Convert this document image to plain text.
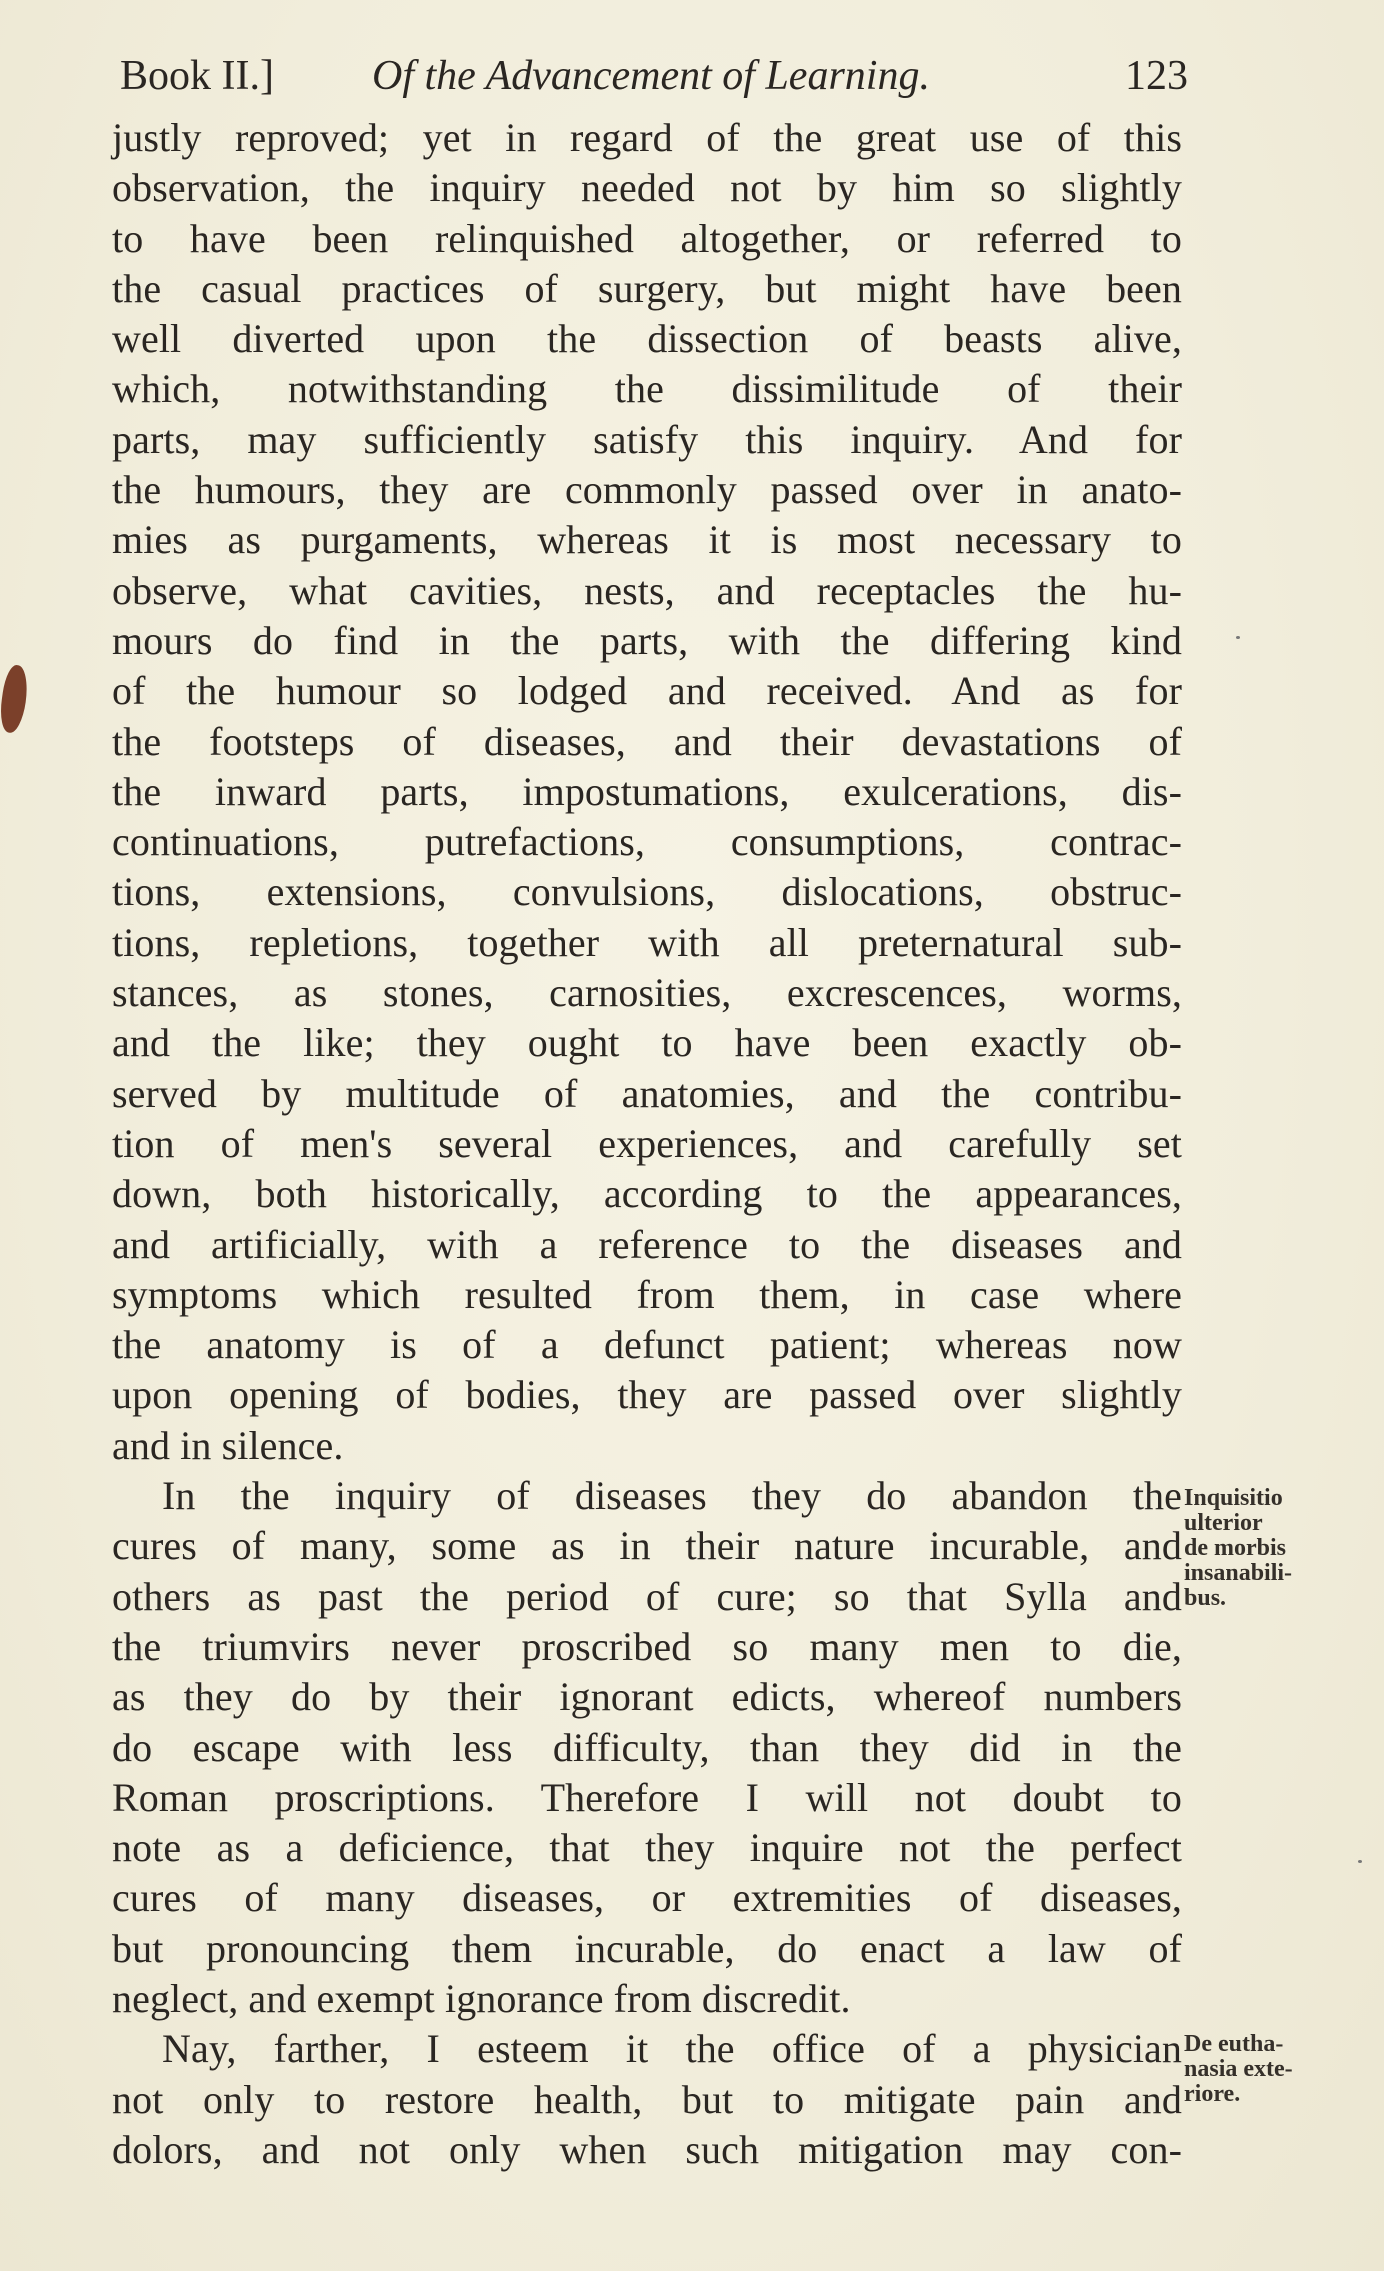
Book II.] Of the Advancement of Learning.	123
justly reproved; yet in regard of the great use of this
observation, the inquiry needed not by him so slightly
to have been relinquished altogether, or referred to
the casual practices of surgery, but might have been
well diverted upon the dissection of beasts alive,
which, notwithstanding the dissimilitude of their
parts, may sufficiently satisfy this inquiry. And for
the humours, they are commonly passed over in anato-
mies as purgaments, whereas it is most necessary to
observe, what cavities, nests, and receptacles the hu-
mours do find in the parts, with the differing kind
of the humour so lodged and received. And as for
the footsteps of diseases, and their devastations of
the inward parts, impostumations, exulcerations, dis-
continuations, putrefactions, consumptions, contrac-
tions, extensions, convulsions, dislocations, obstruc-
tions, repletions, together with all preternatural sub-
stances, as stones, carnosities, excrescences, worms,
and the like; they ought to have been exactly ob-
served by multitude of anatomies, and the contribu-
tion of men's several experiences, and carefully set
down, both historically, according to the appearances,
and artificially, with a reference to the diseases and
symptoms which resulted from them, in case where
the anatomy is of a defunct patient; whereas now
upon opening of bodies, they are passed over slightly
and in silence.
In the inquiry of diseases they do abandon the
cures of many, some as in their nature incurable, and
others as past the period of cure; so that Sylla and
the triumvirs never proscribed so many men to die,
as they do by their ignorant edicts, whereof numbers
do escape with less difficulty, than they did in the
Roman proscriptions. Therefore I will not doubt to
note as a deficience, that they inquire not the perfect
cures of many diseases, or extremities of diseases,
but pronouncing them incurable, do enact a law of
neglect, and exempt ignorance from discredit.
Nay, farther, I esteem it the office of a physician
not only to restore health, but to mitigate pain and
dolors, and not only when such mitigation may con-
Inquisitio
ulterior
de morbis
insanabili-
bus.
De eutha-
nasia exte-
riore.
